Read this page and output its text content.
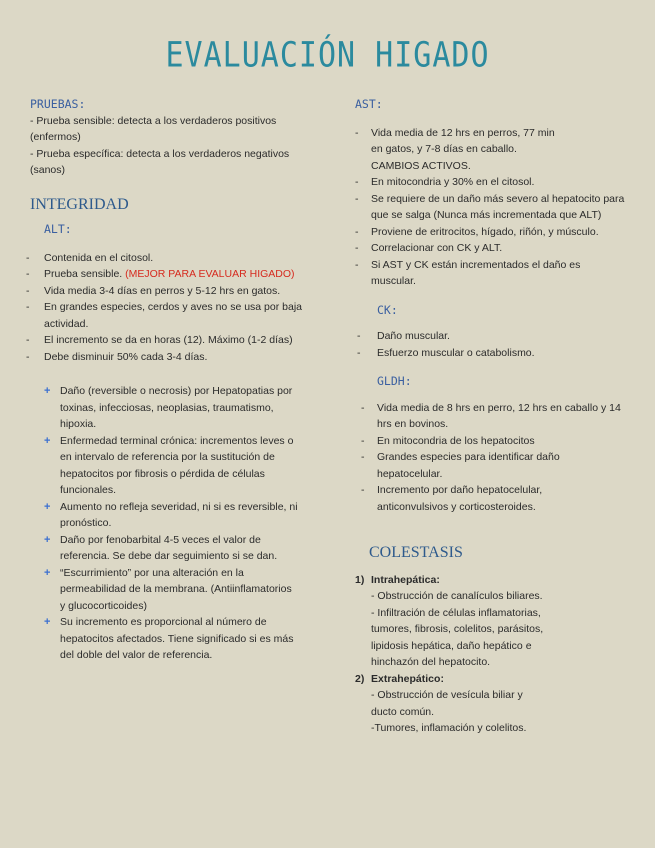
EVALUACIÓN HIGADO
PRUEBAS:

- Prueba sensible: detecta a los verdaderos positivos (enfermos)

- Prueba específica: detecta a los verdaderos negativos (sanos)

INTEGRIDAD
ALT:
- Contenida en el citosol.
- Prueba sensible. (MEJOR PARA EVALUAR HIGADO)
- Vida media 3-4 días en perros y 5-12 hrs en gatos.
- En grandes especies, cerdos y aves no se usa por baja actividad.
- El incremento se da en horas (12). Máximo (1-2 días)
- Debe disminuir 50% cada 3-4 días.
+ Daño (reversible o necrosis) por Hepatopatias por toxinas, infecciosas, neoplasias, traumatismo, hipoxia.
+ Enfermedad terminal crónica: incrementos leves o en intervalo de referencia por la sustitución de hepatocitos por fibrosis o pérdida de células funcionales.
+ Aumento no refleja severidad, ni si es reversible, ni pronóstico.
+ Daño por fenobarbital 4-5 veces el valor de referencia. Se debe dar seguimiento si se dan.
+ “Escurrimiento” por una alteración en la permeabilidad de la membrana. (Antiinflamatorios y glucocorticoides)
+ Su incremento es proporcional al número de hepatocitos afectados. Tiene significado si es más del doble del valor de referencia.
AST:
- Vida media de 12 hrs en perros, 77 min en gatos, y 7-8 días en caballo. CAMBIOS ACTIVOS.
- En mitocondria y 30% en el citosol.
- Se requiere de un daño más severo al hepatocito para que se salga (Nunca más incrementada que ALT)
- Proviene de eritrocitos, hígado, riñón, y músculo.
- Correlacionar con CK y ALT.
- Si AST y CK están incrementados el daño es muscular.
CK:
- Daño muscular.
- Esfuerzo muscular o catabolismo.
GLDH:
- Vida media de 8 hrs en perro, 12 hrs en caballo y 14 hrs en bovinos.
- En mitocondria de los hepatocitos
- Grandes especies para identificar daño hepatocelular.
- Incremento por daño hepatocelular, anticonvulsivos y corticosteroides.
COLESTASIS
1) Intrahepática:
- Obstrucción de canalículos biliares.
- Infiltración de células inflamatorias, tumores, fibrosis, colelitos, parásitos, lipidosis hepática, daño hepático e hinchazón del hepatocito.
2) Extrahepático:
- Obstrucción de vesícula biliar y ducto común.
-Tumores, inflamación y colelitos.
